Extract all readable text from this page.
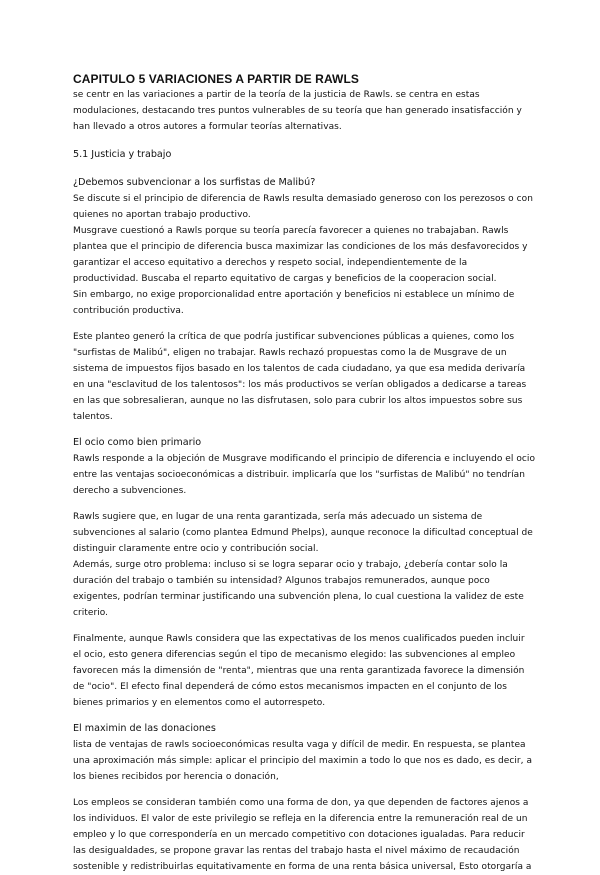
CAPITULO 5 VARIACIONES A PARTIR DE RAWLS

se centr en las variaciones a partir de la teoría de la justicia de Rawls. se centra en estas modulaciones, destacando tres puntos vulnerables de su teoría que han generado insatisfacción y han llevado a otros autores a formular teorías alternativas.

5.1 Justicia y trabajo

¿Debemos subvencionar a los surfistas de Malibú?

Se discute si el principio de diferencia de Rawls resulta demasiado generoso con los perezosos o con quienes no aportan trabajo productivo.

Musgrave cuestionó a Rawls porque su teoría parecía favorecer a quienes no trabajaban. Rawls plantea que el principio de diferencia busca maximizar las condiciones de los más desfavorecidos y garantizar el acceso equitativo a derechos y respeto social, independientemente de la productividad. Buscaba el reparto equitativo de cargas y beneficios de la cooperacion social.

Sin embargo, no exige proporcionalidad entre aportación y beneficios ni establece un mínimo de contribución productiva.

Este planteo generó la crítica de que podría justificar subvenciones públicas a quienes, como los "surfistas de Malibú", eligen no trabajar. Rawls rechazó propuestas como la de Musgrave de un sistema de impuestos fijos basado en los talentos de cada ciudadano, ya que esa medida derivaría en una "esclavitud de los talentosos": los más productivos se verían obligados a dedicarse a tareas en las que sobresalieran, aunque no las disfrutasen, solo para cubrir los altos impuestos sobre sus talentos.

El ocio como bien primario

Rawls responde a la objeción de Musgrave modificando el principio de diferencia e incluyendo el ocio entre las ventajas socioeconómicas a distribuir. implicaría que los "surfistas de Malibú" no tendrían derecho a subvenciones.

Rawls sugiere que, en lugar de una renta garantizada, sería más adecuado un sistema de subvenciones al salario (como plantea Edmund Phelps), aunque reconoce la dificultad conceptual de distinguir claramente entre ocio y contribución social.

Además, surge otro problema: incluso si se logra separar ocio y trabajo, ¿debería contar solo la duración del trabajo o también su intensidad? Algunos trabajos remunerados, aunque poco exigentes, podrían terminar justificando una subvención plena, lo cual cuestiona la validez de este criterio.

Finalmente, aunque Rawls considera que las expectativas de los menos cualificados pueden incluir el ocio, esto genera diferencias según el tipo de mecanismo elegido: las subvenciones al empleo favorecen más la dimensión de "renta", mientras que una renta garantizada favorece la dimensión de "ocio". El efecto final dependerá de cómo estos mecanismos impacten en el conjunto de los bienes primarios y en elementos como el autorrespeto.

El maximin de las donaciones

lista de ventajas de rawls socioeconómicas resulta vaga y difícil de medir. En respuesta, se plantea una aproximación más simple: aplicar el principio del maximin a todo lo que nos es dado, es decir, a los bienes recibidos por herencia o donación,

Los empleos se consideran también como una forma de don, ya que dependen de factores ajenos a los individuos. El valor de este privilegio se refleja en la diferencia entre la remuneración real de un empleo y lo que correspondería en un mercado competitivo con dotaciones igualadas. Para reducir las desigualdades, se propone gravar las rentas del trabajo hasta el nivel máximo de recaudación sostenible y redistribuirlas equitativamente en forma de una renta básica universal, Esto otorgaría a
